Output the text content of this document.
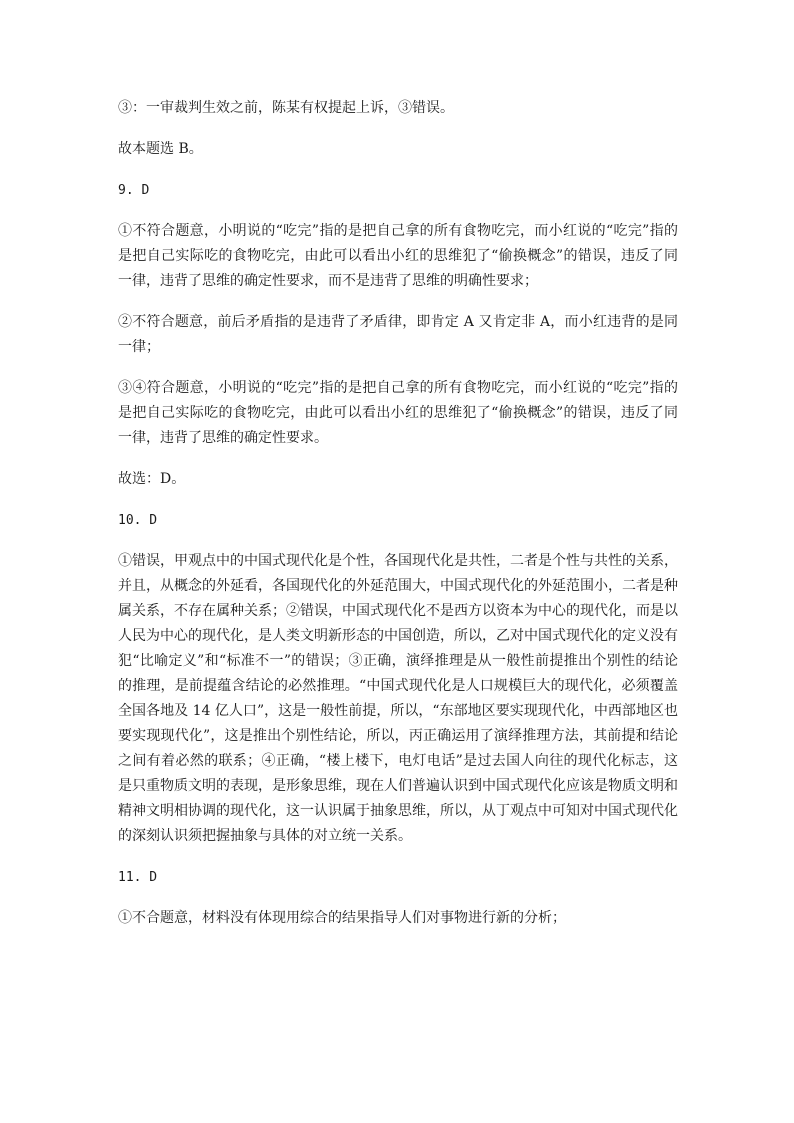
③：一审裁判生效之前，陈某有权提起上诉，③错误。

故本题选 B。

9. D

①不符合题意，小明说的“吃完”指的是把自己拿的所有食物吃完，而小红说的“吃完”指的是把自己实际吃的食物吃完，由此可以看出小红的思维犯了“偷换概念”的错误，违反了同一律，违背了思维的确定性要求，而不是违背了思维的明确性要求；

②不符合题意，前后矛盾指的是违背了矛盾律，即肯定 A 又肯定非 A，而小红违背的是同一律；

③④符合题意，小明说的“吃完”指的是把自己拿的所有食物吃完，而小红说的“吃完”指的是把自己实际吃的食物吃完，由此可以看出小红的思维犯了“偷换概念”的错误，违反了同一律，违背了思维的确定性要求。

故选：D。

10. D

①错误，甲观点中的中国式现代化是个性，各国现代化是共性，二者是个性与共性的关系，并且，从概念的外延看，各国现代化的外延范围大，中国式现代化的外延范围小，二者是种属关系，不存在属种关系；②错误，中国式现代化不是西方以资本为中心的现代化，而是以人民为中心的现代化，是人类文明新形态的中国创造，所以，乙对中国式现代化的定义没有犯“比喻定义”和“标准不一”的错误；③正确，演绎推理是从一般性前提推出个别性的结论的推理，是前提蕴含结论的必然推理。“中国式现代化是人口规模巨大的现代化，必须覆盖全国各地及 14 亿人口”，这是一般性前提，所以，“东部地区要实现现代化，中西部地区也要实现现代化”，这是推出个别性结论，所以，丙正确运用了演绎推理方法，其前提和结论之间有着必然的联系；④正确，“楼上楼下，电灯电话”是过去国人向往的现代化标志，这是只重物质文明的表现，是形象思维，现在人们普遍认识到中国式现代化应该是物质文明和精神文明相协调的现代化，这一认识属于抽象思维，所以，从丁观点中可知对中国式现代化的深刻认识须把握抽象与具体的对立统一关系。

11. D

①不合题意，材料没有体现用综合的结果指导人们对事物进行新的分析；
